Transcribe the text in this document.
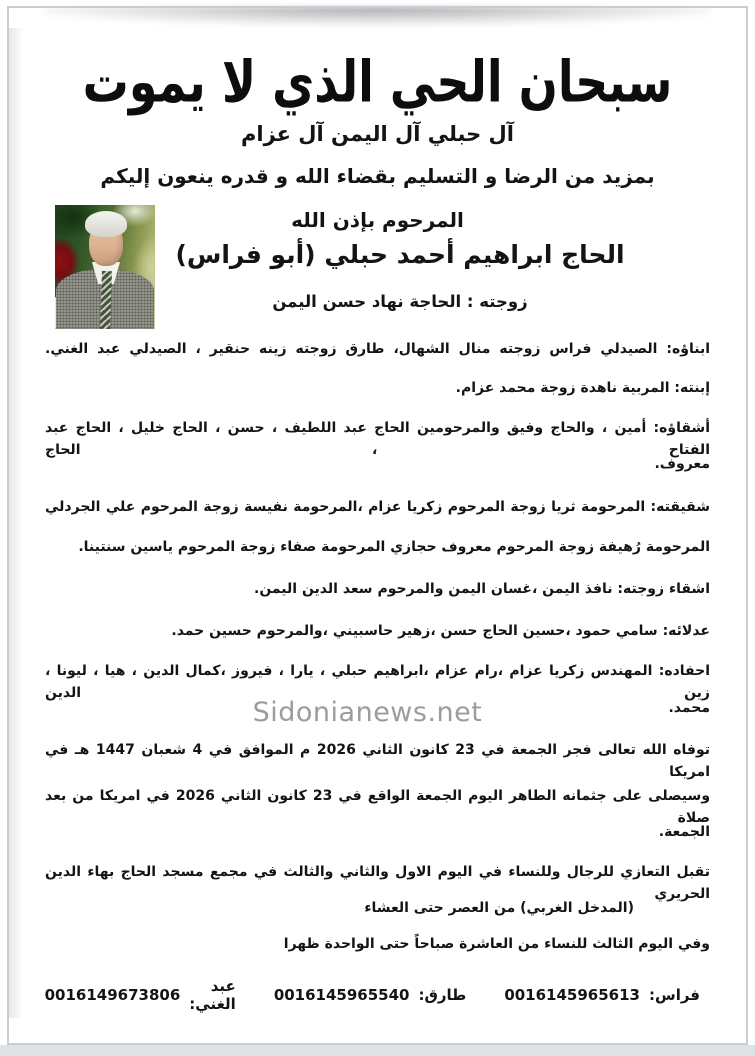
سبحان الحي الذي لا يموت
آل حبلي آل اليمن آل عزام
بمزيد من الرضا و التسليم بقضاء الله و قدره ينعون إليكم
المرحوم بإذن الله
الحاج ابراهيم أحمد حبلي (أبو فراس)
زوجته : الحاجة نهاد حسن اليمن
ابناؤه: الصيدلي فراس زوجته منال الشهال، طارق زوجته زينه حنقير ، الصيدلي عبد الغني.
إبنته: المربية ناهدة زوجة محمد عزام.
أشقاؤه: أمين ، والحاج وفيق والمرحومين الحاج عبد اللطيف ، حسن ، الحاج خليل ، الحاج عبد الفتاح ، الحاج
معروف.
شقيقته: المرحومة ثريا زوجة المرحوم زكريا عزام ،المرحومة نفيسة زوجة المرحوم علي الجردلي
المرحومة رُهيفة زوجة المرحوم معروف حجازي المرحومة صفاء زوجة المرحوم ياسين سنتينا.
اشقاء زوجته: نافذ اليمن ،غسان اليمن والمرحوم سعد الدين اليمن.
عدلائه: سامي حمود ،حسين الحاج حسن ،زهير حاسبيني ،والمرحوم حسين حمد.
احفاده: المهندس زكريا عزام ،رام عزام ،ابراهيم حبلي ، يارا ، فيروز ،كمال الدين ، هيا ، ليونا ، زين الدين
محمد.
Sidonianews.net
توفاه الله تعالى فجر الجمعة في 23 كانون الثاني 2026 م الموافق في 4 شعبان 1447 هـ في امريكا
وسيصلى على جثمانه الطاهر اليوم الجمعة الواقع في 23 كانون الثاني 2026 في امريكا من بعد صلاة
الجمعة.
تقبل التعازي للرجال وللنساء في اليوم الاول والثاني والثالث في مجمع مسجد الحاج بهاء الدين الحريري
(المدخل الغربي) من العصر حتى العشاء
وفي اليوم الثالث للنساء من العاشرة صباحاً حتى الواحدة ظهرا
فراس:
0016145965613
طارق:
0016145965540
عبد الغني:
0016149673806
